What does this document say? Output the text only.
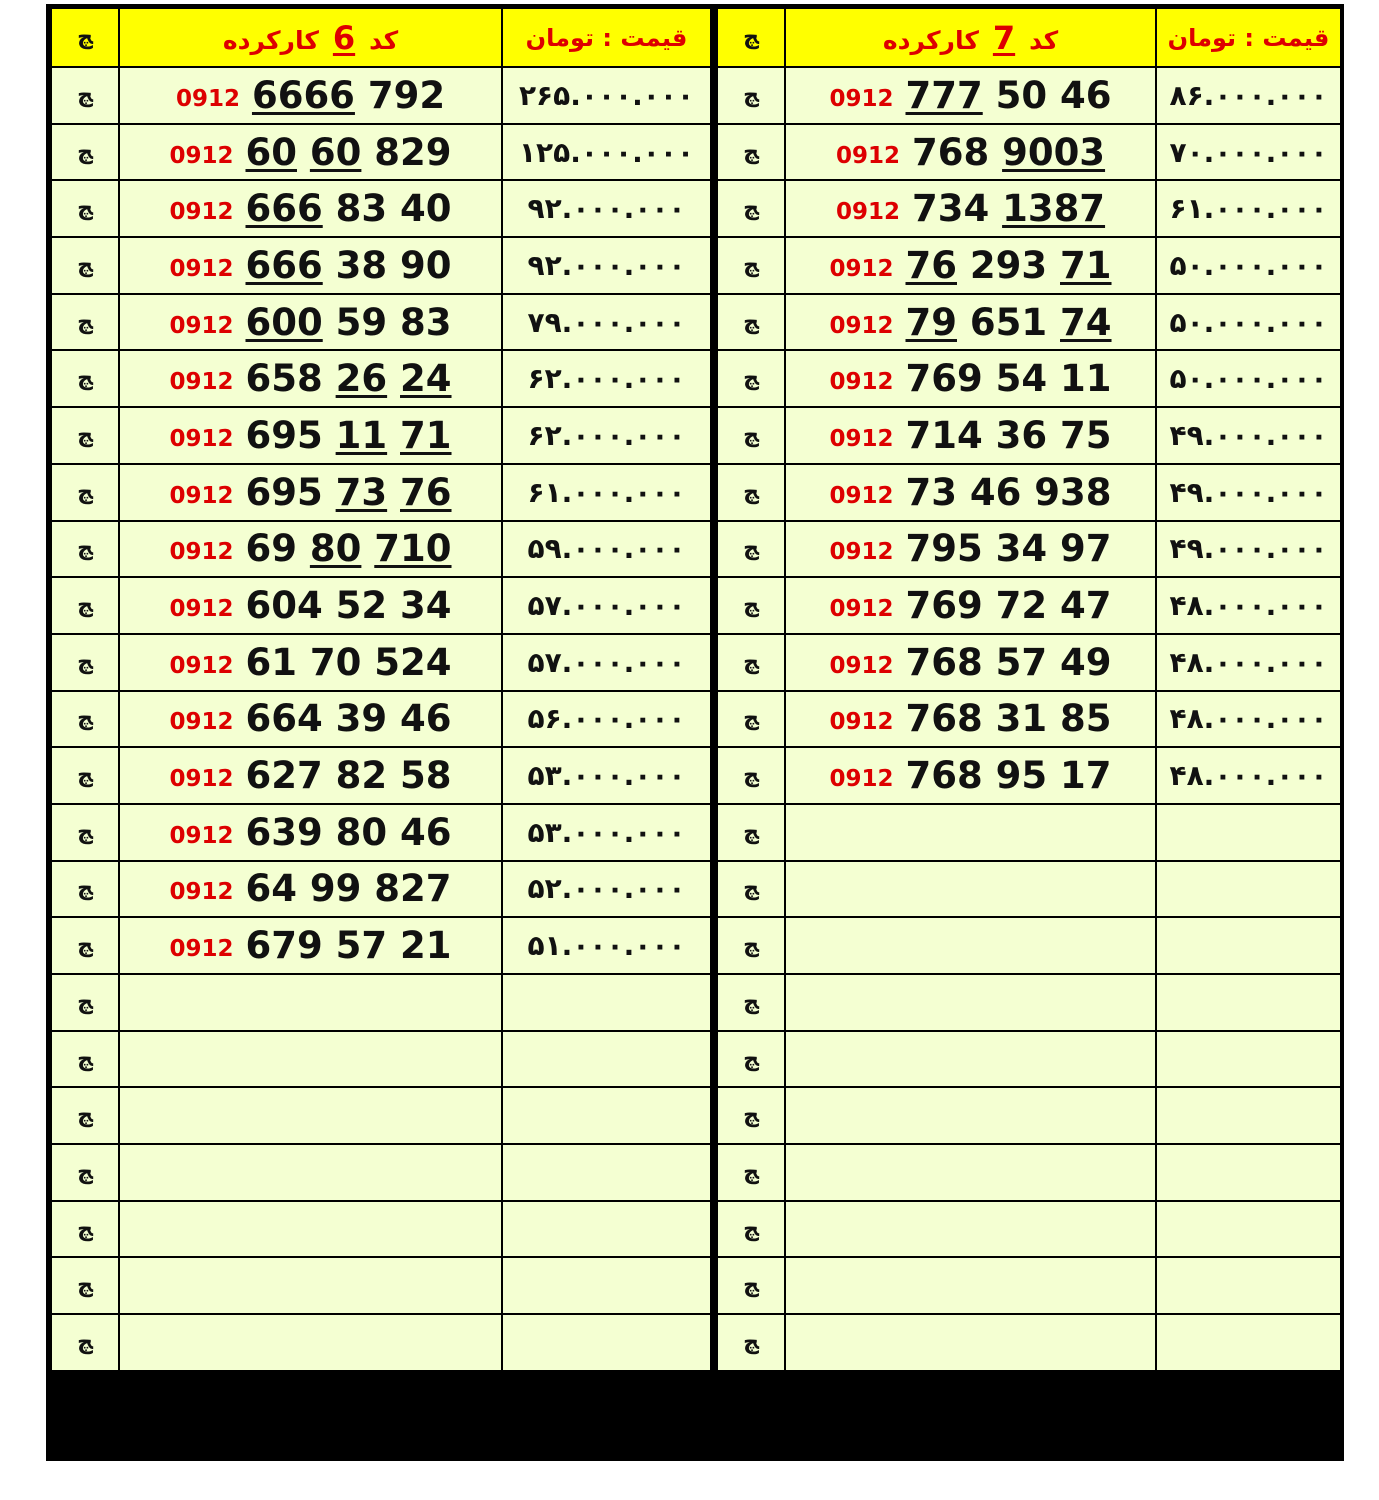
ﭻ	کد6کارکرده	قیمت : تومان
ﭻ	0912 6666 792	۲۶۵.۰۰۰.۰۰۰
ﭻ	0912 60 60 829	۱۲۵.۰۰۰.۰۰۰
ﭻ	0912 666 83 40	۹۲.۰۰۰.۰۰۰
ﭻ	0912 666 38 90	۹۲.۰۰۰.۰۰۰
ﭻ	0912 600 59 83	۷۹.۰۰۰.۰۰۰
ﭻ	0912 658 26 24	۶۲.۰۰۰.۰۰۰
ﭻ	0912 695 11 71	۶۲.۰۰۰.۰۰۰
ﭻ	0912 695 73 76	۶۱.۰۰۰.۰۰۰
ﭻ	0912 69 80 710	۵۹.۰۰۰.۰۰۰
ﭻ	0912 604 52 34	۵۷.۰۰۰.۰۰۰
ﭻ	0912 61 70 524	۵۷.۰۰۰.۰۰۰
ﭻ	0912 664 39 46	۵۶.۰۰۰.۰۰۰
ﭻ	0912 627 82 58	۵۳.۰۰۰.۰۰۰
ﭻ	0912 639 80 46	۵۳.۰۰۰.۰۰۰
ﭻ	0912 64 99 827	۵۲.۰۰۰.۰۰۰
ﭻ	0912 679 57 21	۵۱.۰۰۰.۰۰۰
ﭻ		
ﭻ		
ﭻ		
ﭻ		
ﭻ		
ﭻ		
ﭻ		
ﭻ	کد7کارکرده	قیمت : تومان
ﭻ	0912 777 50 46	۸۶.۰۰۰.۰۰۰
ﭻ	0912 768 9003	۷۰.۰۰۰.۰۰۰
ﭻ	0912 734 1387	۶۱.۰۰۰.۰۰۰
ﭻ	0912 76 293 71	۵۰.۰۰۰.۰۰۰
ﭻ	0912 79 651 74	۵۰.۰۰۰.۰۰۰
ﭻ	0912 769 54 11	۵۰.۰۰۰.۰۰۰
ﭻ	0912 714 36 75	۴۹.۰۰۰.۰۰۰
ﭻ	0912 73 46 938	۴۹.۰۰۰.۰۰۰
ﭻ	0912 795 34 97	۴۹.۰۰۰.۰۰۰
ﭻ	0912 769 72 47	۴۸.۰۰۰.۰۰۰
ﭻ	0912 768 57 49	۴۸.۰۰۰.۰۰۰
ﭻ	0912 768 31 85	۴۸.۰۰۰.۰۰۰
ﭻ	0912 768 95 17	۴۸.۰۰۰.۰۰۰
ﭻ		
ﭻ		
ﭻ		
ﭻ		
ﭻ		
ﭻ		
ﭻ		
ﭻ		
ﭻ		
ﭻ		
